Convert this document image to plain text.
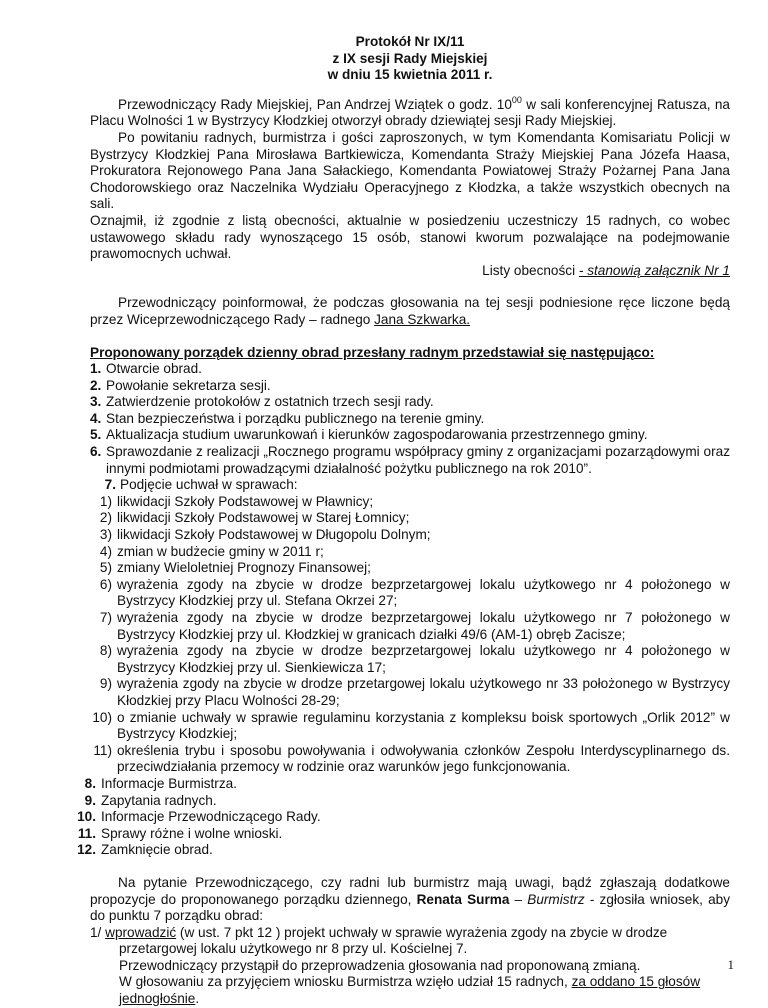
Protokół Nr IX/11
z IX sesji Rady Miejskiej
w dniu 15 kwietnia 2011 r.

Przewodniczący Rady Miejskiej, Pan Andrzej Wziątek o godz. $10^{00}$ w sali konferencyjnej Ratusza, na Placu Wolności 1 w Bystrzycy Kłodzkiej otworzył obrady dziewiątej sesji Rady Miejskiej.

Po powitaniu radnych, burmistrza i gości zaproszonych, w tym Komendanta Komisariatu Policji w Bystrzycy Kłodzkiej Pana Mirosława Bartkiewicza, Komendanta Straży Miejskiej Pana Józefa Haasa, Prokuratora Rejonowego Pana Jana Sałackiego, Komendanta Powiatowej Straży Pożarnej Pana Jana Chodorowskiego oraz Naczelnika Wydziału Operacyjnego z Kłodzka, a także wszystkich obecnych na sali.

Oznajmił, iż zgodnie z listą obecności, aktualnie w posiedzeniu uczestniczy 15 radnych, co wobec ustawowego składu rady wynoszącego 15 osób, stanowi kworum pozwalające na podejmowanie prawomocnych uchwał.

Listy obecności - stanowią załącznik Nr 1

Przewodniczący poinformował, że podczas głosowania na tej sesji podniesione ręce liczone będą przez Wiceprzewodniczącego Rady – radnego Jana Szkwarka.

Proponowany porządek dzienny obrad przesłany radnym przedstawiał się następująco:

1. Otwarcie obrad.
2. Powołanie sekretarza sesji.
3. Zatwierdzenie protokołów z ostatnich trzech sesji rady.
4. Stan bezpieczeństwa i porządku publicznego na terenie gminy.
5. Aktualizacja studium uwarunkowań i kierunków zagospodarowania przestrzennego gminy.
6. Sprawozdanie z realizacji „Rocznego programu współpracy gminy z organizacjami pozarządowymi oraz innymi podmiotami prowadzącymi działalność pożytku publicznego na rok 2010”.
7. Podjęcie uchwał w sprawach:
1) likwidacji Szkoły Podstawowej w Pławnicy;
2) likwidacji Szkoły Podstawowej w Starej Łomnicy;
3) likwidacji Szkoły Podstawowej w Długopolu Dolnym;
4) zmian w budżecie gminy w 2011 r;
5) zmiany Wieloletniej Prognozy Finansowej;
6) wyrażenia zgody na zbycie w drodze bezprzetargowej lokalu użytkowego nr 4 położonego w Bystrzycy Kłodzkiej przy ul. Stefana Okrzei 27;
7) wyrażenia zgody na zbycie w drodze bezprzetargowej lokalu użytkowego nr 7 położonego w Bystrzycy Kłodzkiej przy ul. Kłodzkiej w granicach działki 49/6 (AM-1) obręb Zacisze;
8) wyrażenia zgody na zbycie w drodze bezprzetargowej lokalu użytkowego nr 4 położonego w Bystrzycy Kłodzkiej przy ul. Sienkiewicza 17;
9) wyrażenia zgody na zbycie w drodze przetargowej lokalu użytkowego nr 33 położonego w Bystrzycy Kłodzkiej przy Placu Wolności 28-29;
10) o zmianie uchwały w sprawie regulaminu korzystania z kompleksu boisk sportowych „Orlik 2012” w Bystrzycy Kłodzkiej;
11) określenia trybu i sposobu powoływania i odwoływania członków Zespołu Interdyscyplinarnego ds. przeciwdziałania przemocy w rodzinie oraz warunków jego funkcjonowania.
8. Informacje Burmistrza.
9. Zapytania radnych.
10. Informacje Przewodniczącego Rady.
11. Sprawy różne i wolne wnioski.
12. Zamknięcie obrad.

Na pytanie Przewodniczącego, czy radni lub burmistrz mają uwagi, bądź zgłaszają dodatkowe propozycje do proponowanego porządku dziennego, Renata Surma – Burmistrz - zgłosiła wniosek, aby do punktu 7 porządku obrad:

1/ wprowadzić (w ust. 7 pkt 12 ) projekt uchwały w sprawie wyrażenia zgody na zbycie w drodze przetargowej lokalu użytkowego nr 8 przy ul. Kościelnej 7.

Przewodniczący przystąpił do przeprowadzenia głosowania nad proponowaną zmianą.

W głosowaniu za przyjęciem wniosku Burmistrza wzięło udział 15 radnych, za oddano 15 głosów
jednogłośnie.

1
